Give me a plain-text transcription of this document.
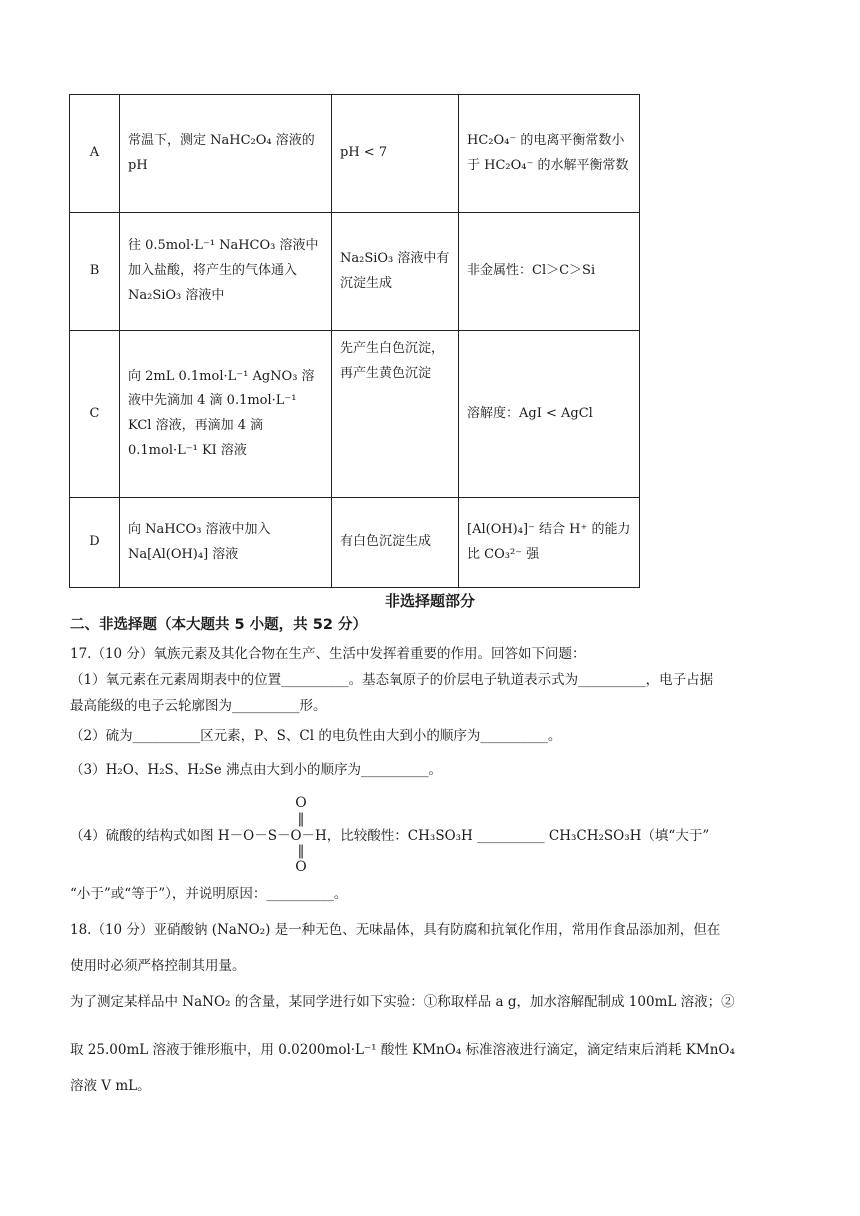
A	常温下，测定 NaHC₂O₄ 溶液的 pH	pH < 7	HC₂O₄⁻ 的电离平衡常数小于 HC₂O₄⁻ 的水解平衡常数
B	往 0.5mol·L⁻¹ NaHCO₃ 溶液中加入盐酸，将产生的气体通入 Na₂SiO₃ 溶液中	Na₂SiO₃ 溶液中有沉淀生成	非金属性：Cl＞C＞Si
C	向 2mL 0.1mol·L⁻¹ AgNO₃ 溶液中先滴加 4 滴 0.1mol·L⁻¹ KCl 溶液，再滴加 4 滴 0.1mol·L⁻¹ KI 溶液	先产生白色沉淀，再产生黄色沉淀	溶解度：AgI < AgCl
D	向 NaHCO₃ 溶液中加入 Na[Al(OH)₄] 溶液	有白色沉淀生成	[Al(OH)₄]⁻ 结合 H⁺ 的能力比 CO₃²⁻ 强
非选择题部分
二、非选择题（本大题共 5 小题，共 52 分）
17.（10 分）氧族元素及其化合物在生产、生活中发挥着重要的作用。回答如下问题：
（1）氧元素在元素周期表中的位置__________。基态氧原子的价层电子轨道表示式为__________，电子占据
最高能级的电子云轮廓图为__________形。
（2）硫为__________区元素，P、S、Cl 的电负性由大到小的顺序为__________。
（3）H₂O、H₂S、H₂Se 沸点由大到小的顺序为__________。
O
‖
‖
O
（4）硫酸的结构式如图 H－O－S－O－H，比较酸性：CH₃SO₃H __________ CH₃CH₂SO₃H（填“大于”
“小于”或“等于”），并说明原因：__________。
18.（10 分）亚硝酸钠 (NaNO₂) 是一种无色、无味晶体，具有防腐和抗氧化作用，常用作食品添加剂，但在
使用时必须严格控制其用量。
为了测定某样品中 NaNO₂ 的含量，某同学进行如下实验：①称取样品 a g，加水溶解配制成 100mL 溶液；②
取 25.00mL 溶液于锥形瓶中，用 0.0200mol·L⁻¹ 酸性 KMnO₄ 标准溶液进行滴定，滴定结束后消耗 KMnO₄
溶液 V mL。
